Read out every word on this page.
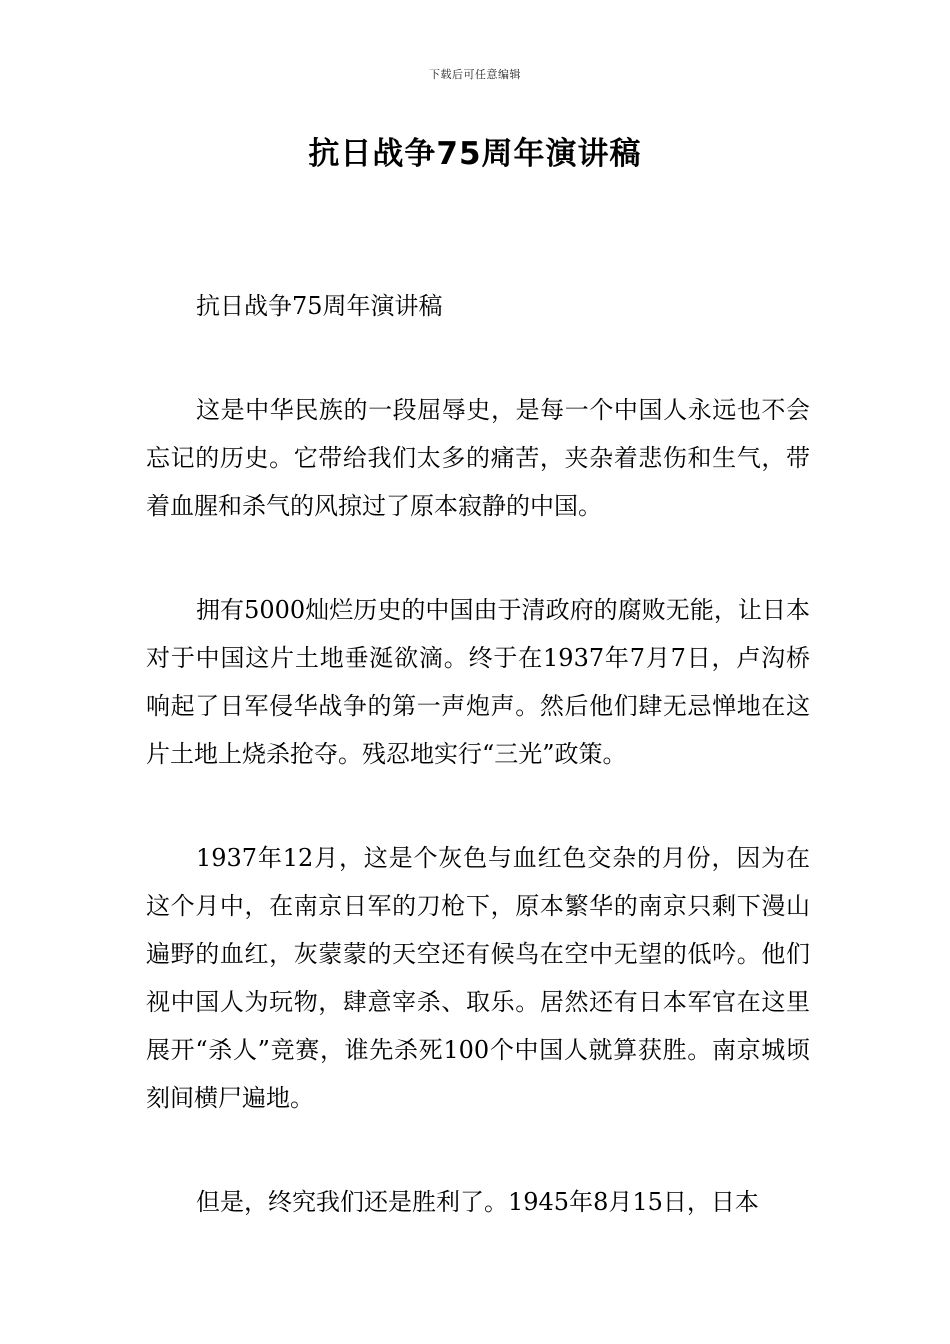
下载后可任意编辑
抗日战争75周年演讲稿

抗日战争75周年演讲稿

这是中华民族的一段屈辱史，是每一个中国人永远也不会忘记的历史。它带给我们太多的痛苦，夹杂着悲伤和生气，带着血腥和杀气的风掠过了原本寂静的中国。

拥有5000灿烂历史的中国由于清政府的腐败无能，让日本对于中国这片土地垂涎欲滴。终于在1937年7月7日，卢沟桥响起了日军侵华战争的第一声炮声。然后他们肆无忌惮地在这片土地上烧杀抢夺。残忍地实行“三光”政策。

1937年12月，这是个灰色与血红色交杂的月份，因为在这个月中，在南京日军的刀枪下，原本繁华的南京只剩下漫山遍野的血红，灰蒙蒙的天空还有候鸟在空中无望的低吟。他们视中国人为玩物，肆意宰杀、取乐。居然还有日本军官在这里展开“杀人”竞赛，谁先杀死100个中国人就算获胜。南京城顷刻间横尸遍地。

但是，终究我们还是胜利了。1945年8月15日，日本
